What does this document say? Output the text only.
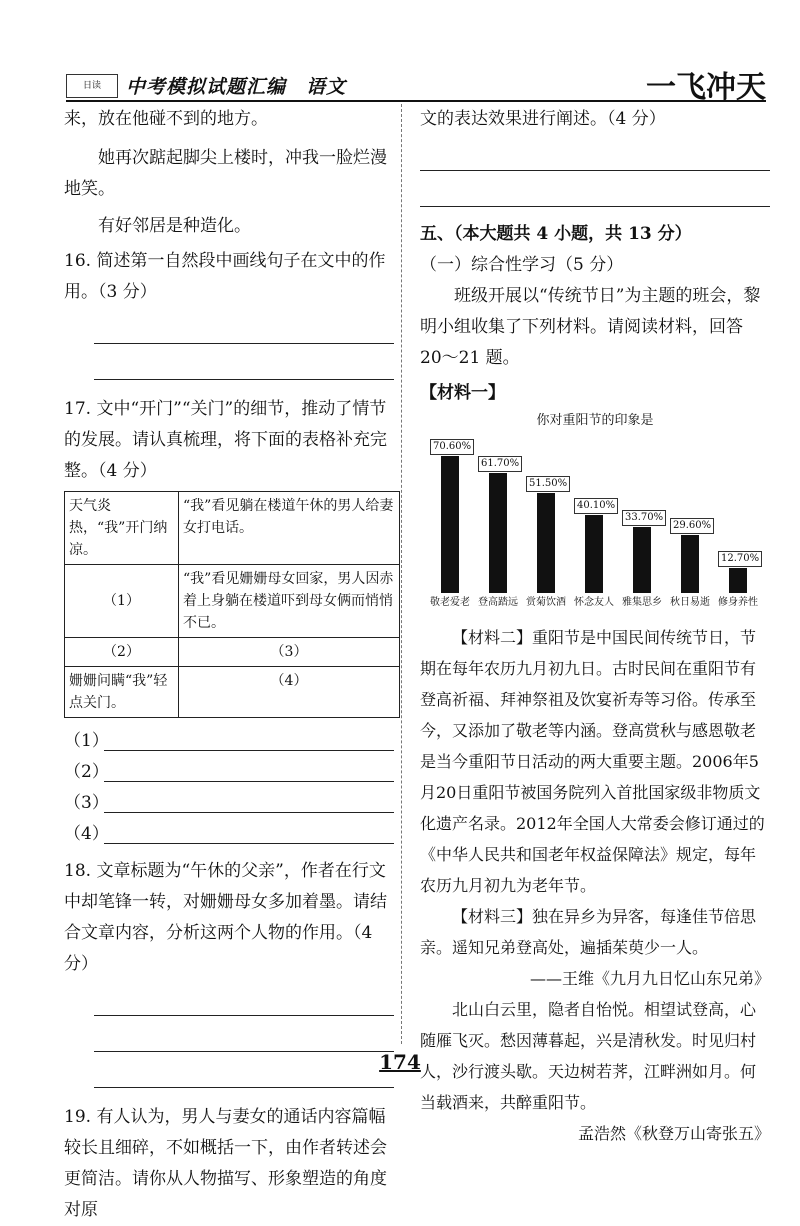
日读	中考模拟试题汇编　语文	一飞冲天

来，放在他碰不到的地方。

她再次踮起脚尖上楼时，冲我一脸烂漫地笑。

有好邻居是种造化。

16. 简述第一自然段中画线句子在文中的作用。（3 分）

17. 文中“开门”“关门”的细节，推动了情节的发展。请认真梳理，将下面的表格补充完整。（4 分）

天气炎热，“我”开门纳凉。	“我”看见躺在楼道午休的男人给妻女打电话。
（1）	“我”看见姗姗母女回家，男人因赤着上身躺在楼道吓到母女俩而悄悄不已。
（2）	（3）
姗姗问瞒“我”轻点关门。	（4）
（1）
（2）
（3）
（4）

18. 文章标题为“午休的父亲”，作者在行文中却笔锋一转，对姗姗母女多加着墨。请结合文章内容，分析这两个人物的作用。（4 分）

19. 有人认为，男人与妻女的通话内容篇幅较长且细碎，不如概括一下，由作者转述会更简洁。请你从人物描写、形象塑造的角度对原

文的表达效果进行阐述。（4 分）

五、（本大题共 4 小题，共 13 分）

（一）综合性学习（5 分）

班级开展以“传统节日”为主题的班会，黎明小组收集了下列材料。请阅读材料，回答 20～21 题。

【材料一】

你对重阳节的印象是
70.60%
敬老爱老
61.70%
登高踏远
51.50%
赏菊饮酒
40.10%
怀念友人
33.70%
雅集思乡
29.60%
秋日易逝
12.70%
修身养性

【材料二】重阳节是中国民间传统节日，节期在每年农历九月初九日。古时民间在重阳节有登高祈福、拜神祭祖及饮宴祈寿等习俗。传承至今，又添加了敬老等内涵。登高赏秋与感恩敬老是当今重阳节日活动的两大重要主题。2006年5月20日重阳节被国务院列入首批国家级非物质文化遗产名录。2012年全国人大常委会修订通过的《中华人民共和国老年权益保障法》规定，每年农历九月初九为老年节。

【材料三】独在异乡为异客，每逢佳节倍思亲。遥知兄弟登高处，遍插茱萸少一人。

——王维《九月九日忆山东兄弟》

北山白云里，隐者自怡悦。相望试登高，心随雁飞灭。愁因薄暮起，兴是清秋发。时见归村人，沙行渡头歇。天边树若荠，江畔洲如月。何当载酒来，共醉重阳节。

孟浩然《秋登万山寄张五》

174
